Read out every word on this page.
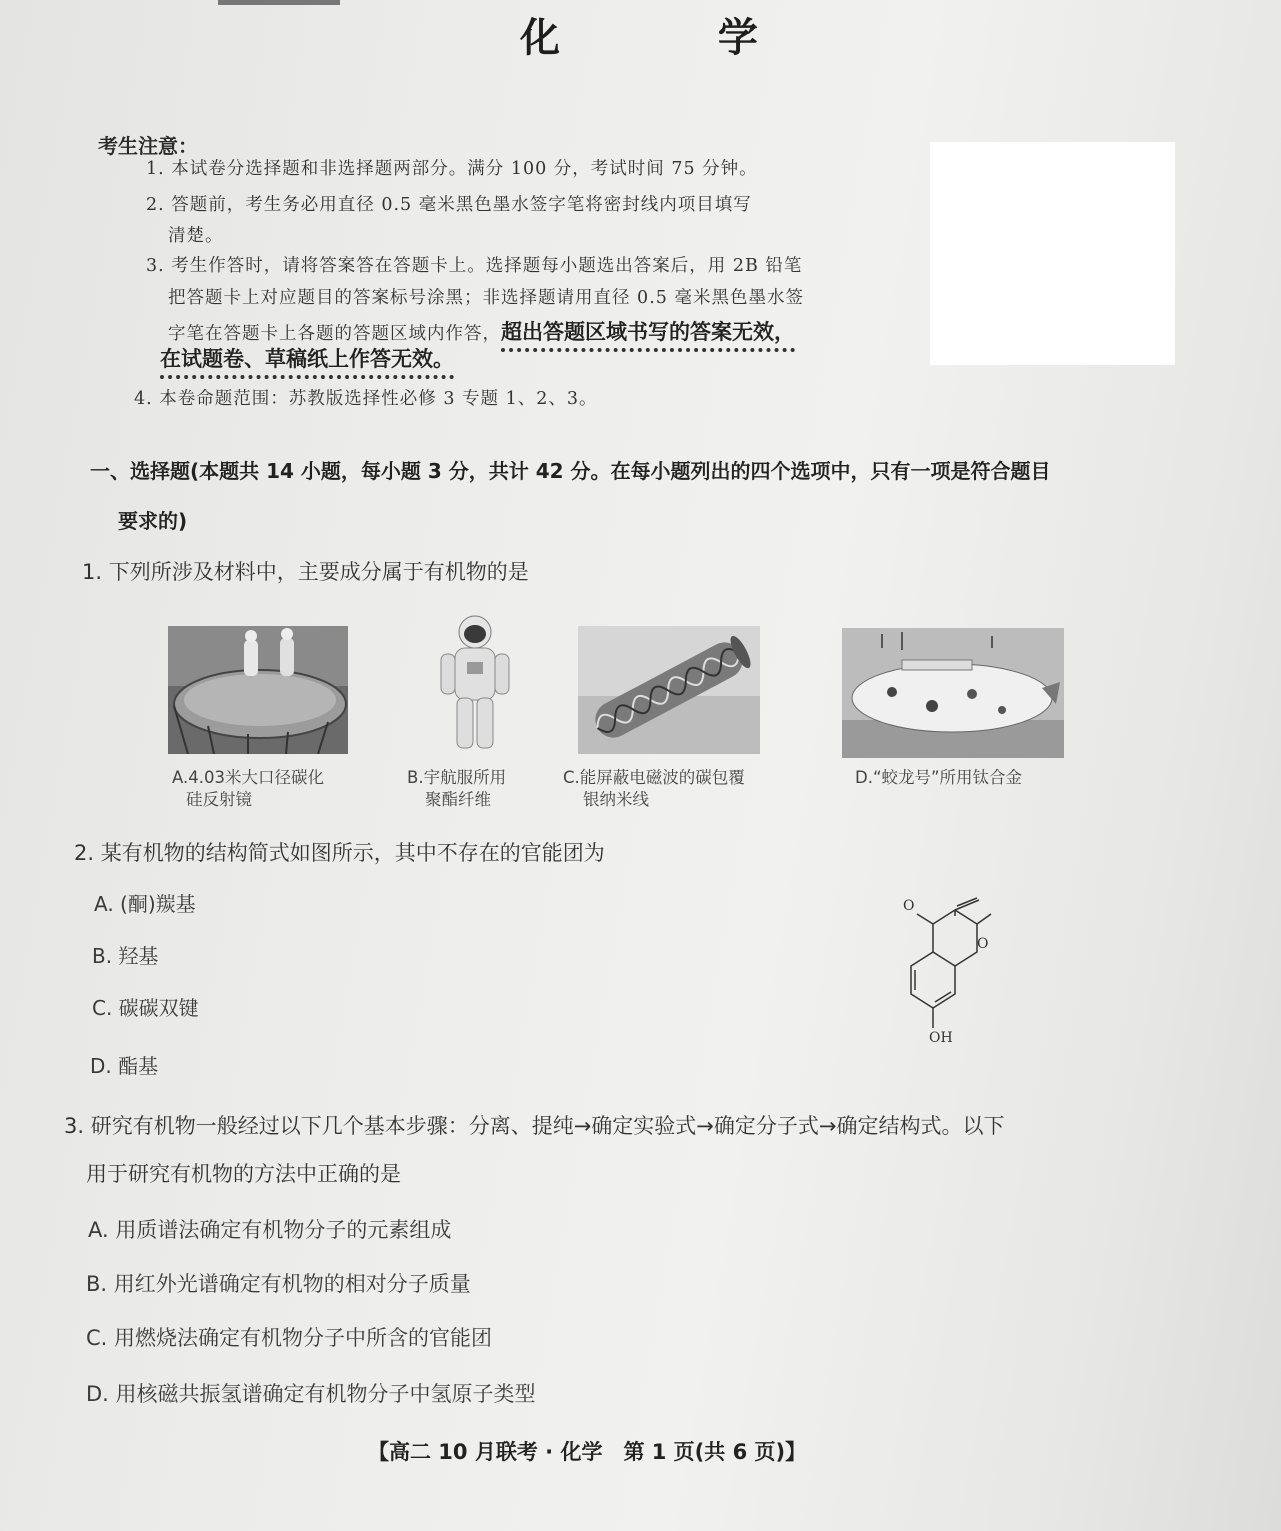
化 学
考生注意：
1. 本试卷分选择题和非选择题两部分。满分 100 分，考试时间 75 分钟。
2. 答题前，考生务必用直径 0.5 毫米黑色墨水签字笔将密封线内项目填写
清楚。
3. 考生作答时，请将答案答在答题卡上。选择题每小题选出答案后，用 2B 铅笔
把答题卡上对应题目的答案标号涂黑；非选择题请用直径 0.5 毫米黑色墨水签
字笔在答题卡上各题的答题区域内作答，超出答题区域书写的答案无效，
在试题卷、草稿纸上作答无效。
4. 本卷命题范围：苏教版选择性必修 3 专题 1、2、3。
一、选择题(本题共 14 小题，每小题 3 分，共计 42 分。在每小题列出的四个选项中，只有一项是符合题目
要求的)
1. 下列所涉及材料中，主要成分属于有机物的是
A.4.03米大口径碳化
硅反射镜
B.宇航服所用
聚酯纤维
C.能屏蔽电磁波的碳包覆
银纳米线
D.“蛟龙号”所用钛合金
2. 某有机物的结构简式如图所示，其中不存在的官能团为
A. (酮)羰基
B. 羟基
C. 碳碳双键
D. 酯基
O
O
OH
3. 研究有机物一般经过以下几个基本步骤：分离、提纯→确定实验式→确定分子式→确定结构式。以下
用于研究有机物的方法中正确的是
A. 用质谱法确定有机物分子的元素组成
B. 用红外光谱确定有机物的相对分子质量
C. 用燃烧法确定有机物分子中所含的官能团
D. 用核磁共振氢谱确定有机物分子中氢原子类型
【高二 10 月联考 · 化学　第 1 页(共 6 页)】
